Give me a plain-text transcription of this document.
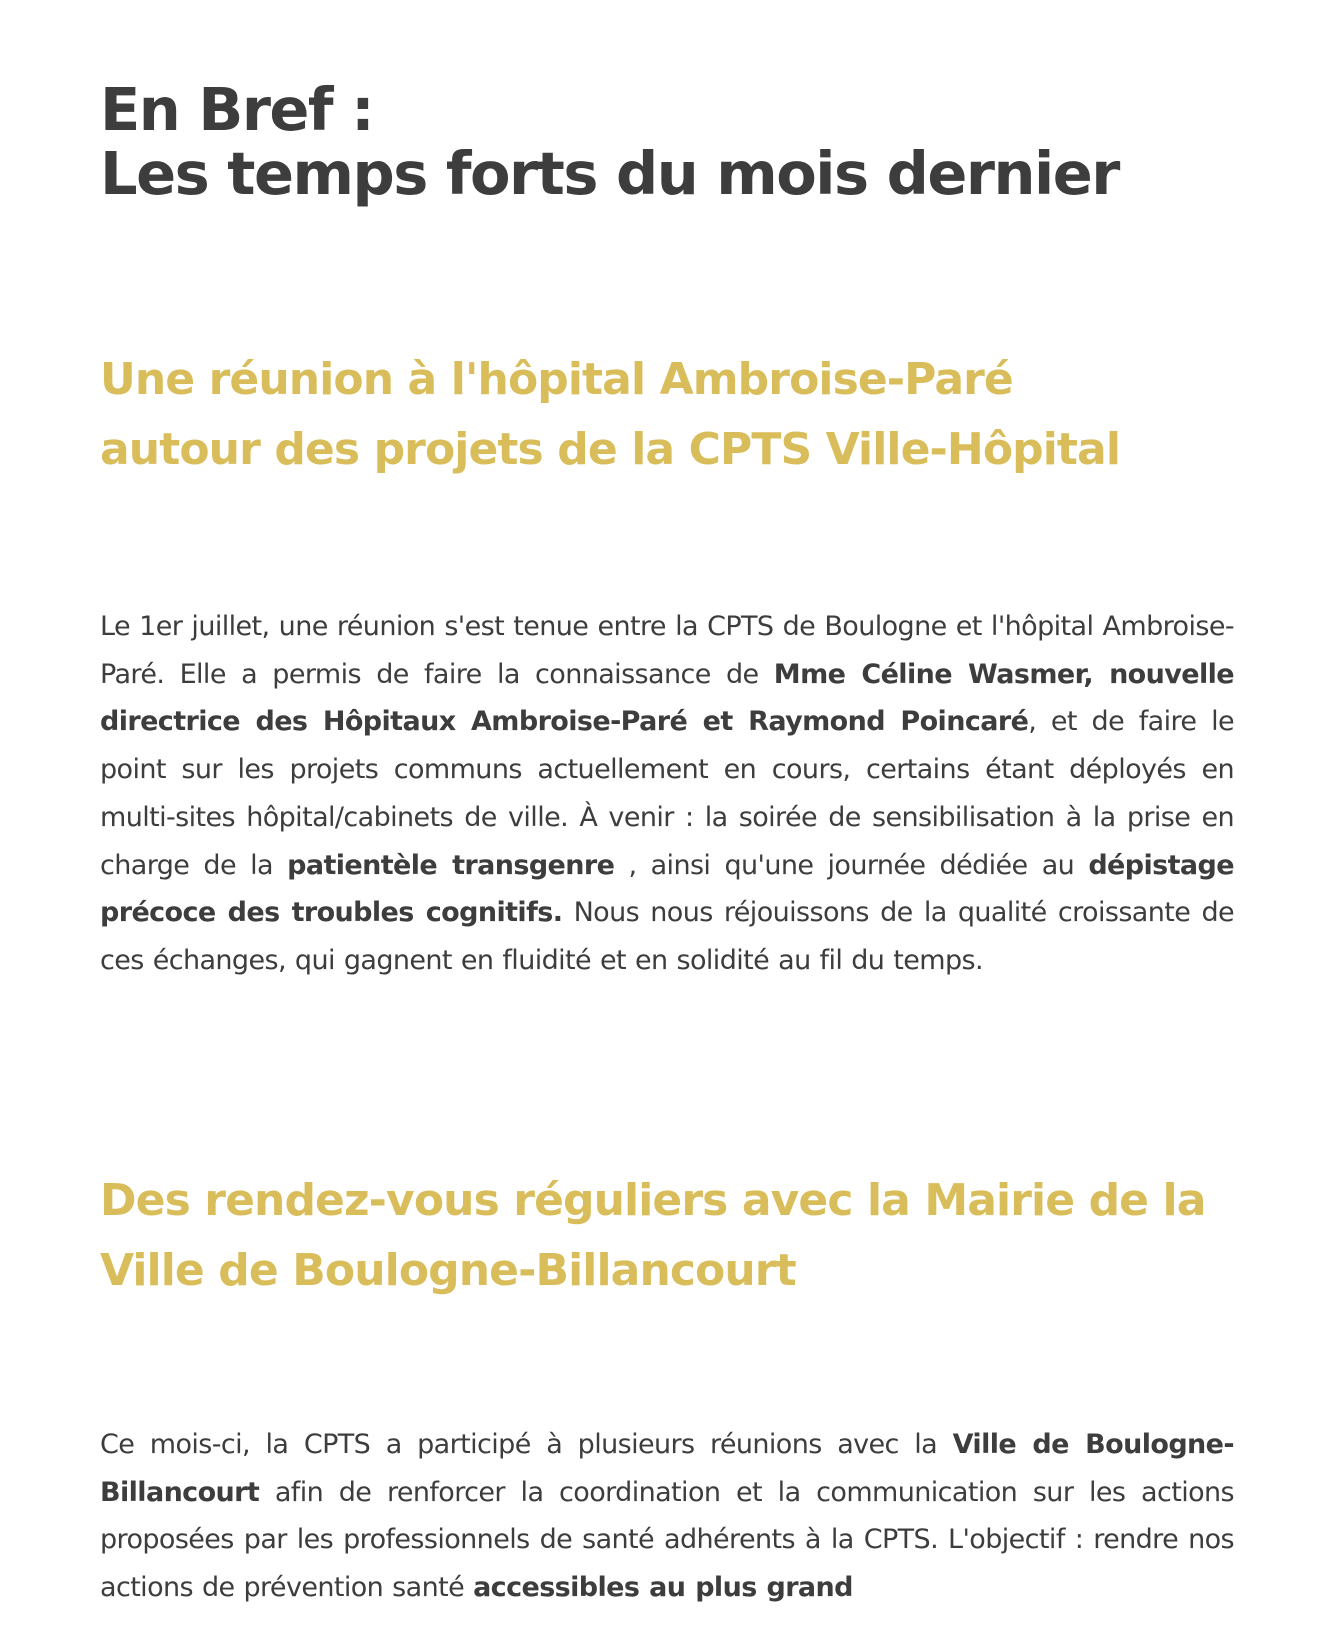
En Bref :
Les temps forts du mois dernier
Une réunion à l'hôpital Ambroise-Paré
autour des projets de la CPTS Ville-Hôpital

Le 1er juillet, une réunion s'est tenue entre la CPTS de Boulogne et l'hôpital Ambroise-Paré. Elle a permis de faire la connaissance de Mme Céline Wasmer, nouvelle directrice des Hôpitaux Ambroise-Paré et Raymond Poincaré, et de faire le point sur les projets communs actuellement en cours, certains étant déployés en multi-sites hôpital/cabinets de ville. À venir : la soirée de sensibilisation à la prise en charge de la patientèle transgenre , ainsi qu'une journée dédiée au dépistage précoce des troubles cognitifs. Nous nous réjouissons de la qualité croissante de ces échanges, qui gagnent en fluidité et en solidité au fil du temps.

Des rendez-vous réguliers avec la Mairie de la
Ville de Boulogne-Billancourt

Ce mois-ci, la CPTS a participé à plusieurs réunions avec la Ville de Boulogne-Billancourt afin de renforcer la coordination et la communication sur les actions proposées par les professionnels de santé adhérents à la CPTS. L'objectif : rendre nos actions de prévention santé accessibles au plus grand
